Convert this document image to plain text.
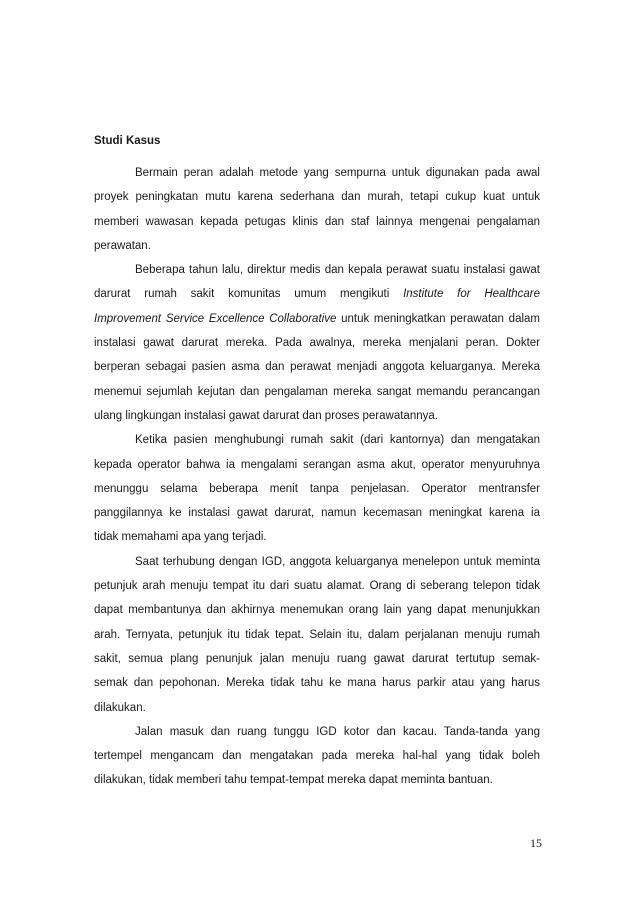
Studi Kasus
Bermain peran adalah metode yang sempurna untuk digunakan pada awal
proyek peningkatan mutu karena sederhana dan murah, tetapi cukup kuat untuk
memberi wawasan kepada petugas klinis dan staf lainnya mengenai pengalaman
perawatan.
Beberapa tahun lalu, direktur medis dan kepala perawat suatu instalasi gawat
darurat rumah sakit komunitas umum mengikuti Institute for Healthcare
Improvement Service Excellence Collaborative untuk meningkatkan perawatan dalam
instalasi gawat darurat mereka. Pada awalnya, mereka menjalani peran. Dokter
berperan sebagai pasien asma dan perawat menjadi anggota keluarganya. Mereka
menemui sejumlah kejutan dan pengalaman mereka sangat memandu perancangan
ulang lingkungan instalasi gawat darurat dan proses perawatannya.
Ketika pasien menghubungi rumah sakit (dari kantornya) dan mengatakan
kepada operator bahwa ia mengalami serangan asma akut, operator menyuruhnya
menunggu selama beberapa menit tanpa penjelasan. Operator mentransfer
panggilannya ke instalasi gawat darurat, namun kecemasan meningkat karena ia
tidak memahami apa yang terjadi.
Saat terhubung dengan IGD, anggota keluarganya menelepon untuk meminta
petunjuk arah menuju tempat itu dari suatu alamat. Orang di seberang telepon tidak
dapat membantunya dan akhirnya menemukan orang lain yang dapat menunjukkan
arah. Ternyata, petunjuk itu tidak tepat. Selain itu, dalam perjalanan menuju rumah
sakit, semua plang penunjuk jalan menuju ruang gawat darurat tertutup semak-
semak dan pepohonan. Mereka tidak tahu ke mana harus parkir atau yang harus
dilakukan.
Jalan masuk dan ruang tunggu IGD kotor dan kacau. Tanda-tanda yang
tertempel mengancam dan mengatakan pada mereka hal-hal yang tidak boleh
dilakukan, tidak memberi tahu tempat-tempat mereka dapat meminta bantuan.
15
